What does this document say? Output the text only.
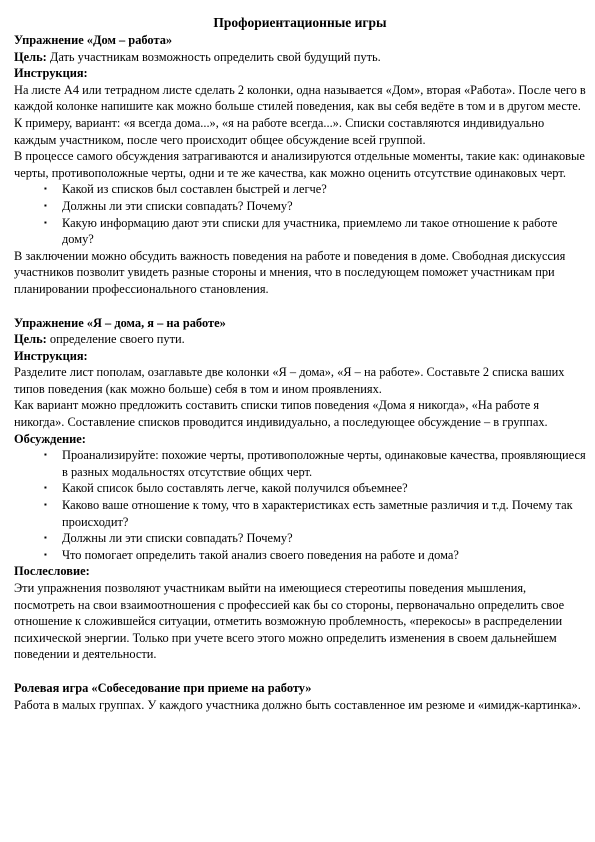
Профориентационные игры

Упражнение «Дом – работа»

Цель: Дать участникам возможность определить свой будущий путь.

Инструкция:

На листе А4 или тетрадном листе сделать 2 колонки, одна называется «Дом», вторая «Работа». После чего в каждой колонке напишите как можно больше стилей поведения, как вы себя ведёте в том и в другом месте.

К примеру, вариант: «я всегда дома...», «я на работе всегда...». Списки составляются индивидуально каждым участником, после чего происходит общее обсуждение всей группой.

В процессе самого обсуждения затрагиваются и анализируются отдельные моменты, такие как: одинаковые черты, противоположные черты, одни и те же качества, как можно оценить отсутствие одинаковых черт.

▪ Какой из списков был составлен быстрей и легче?
▪ Должны ли эти списки совпадать? Почему?
▪ Какую информацию дают эти списки для участника, приемлемо ли такое отношение к работе дому?

В заключении можно обсудить важность поведения на работе и поведения в доме. Свободная дискуссия участников позволит увидеть разные стороны и мнения, что в последующем поможет участникам при планировании профессионального становления.

Упражнение «Я – дома, я – на работе»

Цель: определение своего пути.

Инструкция:

Разделите лист пополам, озаглавьте две колонки «Я – дома», «Я – на работе». Составьте 2 списка ваших типов поведения (как можно больше) себя в том и ином проявлениях.

Как вариант можно предложить составить списки типов поведения «Дома я никогда», «На работе я никогда». Составление списков проводится индивидуально, а последующее обсуждение – в группах.

Обсуждение:

▪ Проанализируйте: похожие черты, противоположные черты, одинаковые качества, проявляющиеся в разных модальностях отсутствие общих черт.
▪ Какой список было составлять легче, какой получился объемнее?
▪ Каково ваше отношение к тому, что в характеристиках есть заметные различия и т.д. Почему так происходит?
▪ Должны ли эти списки совпадать? Почему?
▪ Что помогает определить такой анализ своего поведения на работе и дома?

Послесловие:

Эти упражнения позволяют участникам выйти на имеющиеся стереотипы поведения мышления, посмотреть на свои взаимоотношения с профессией как бы со стороны, первоначально определить свое отношение к сложившейся ситуации, отметить возможную проблемность, «перекосы» в распределении психической энергии. Только при учете всего этого можно определить изменения в своем дальнейшем поведении и деятельности.

Ролевая игра «Собеседование при приеме на работу»

Работа в малых группах. У каждого участника должно быть составленное им резюме и «имидж-картинка».
